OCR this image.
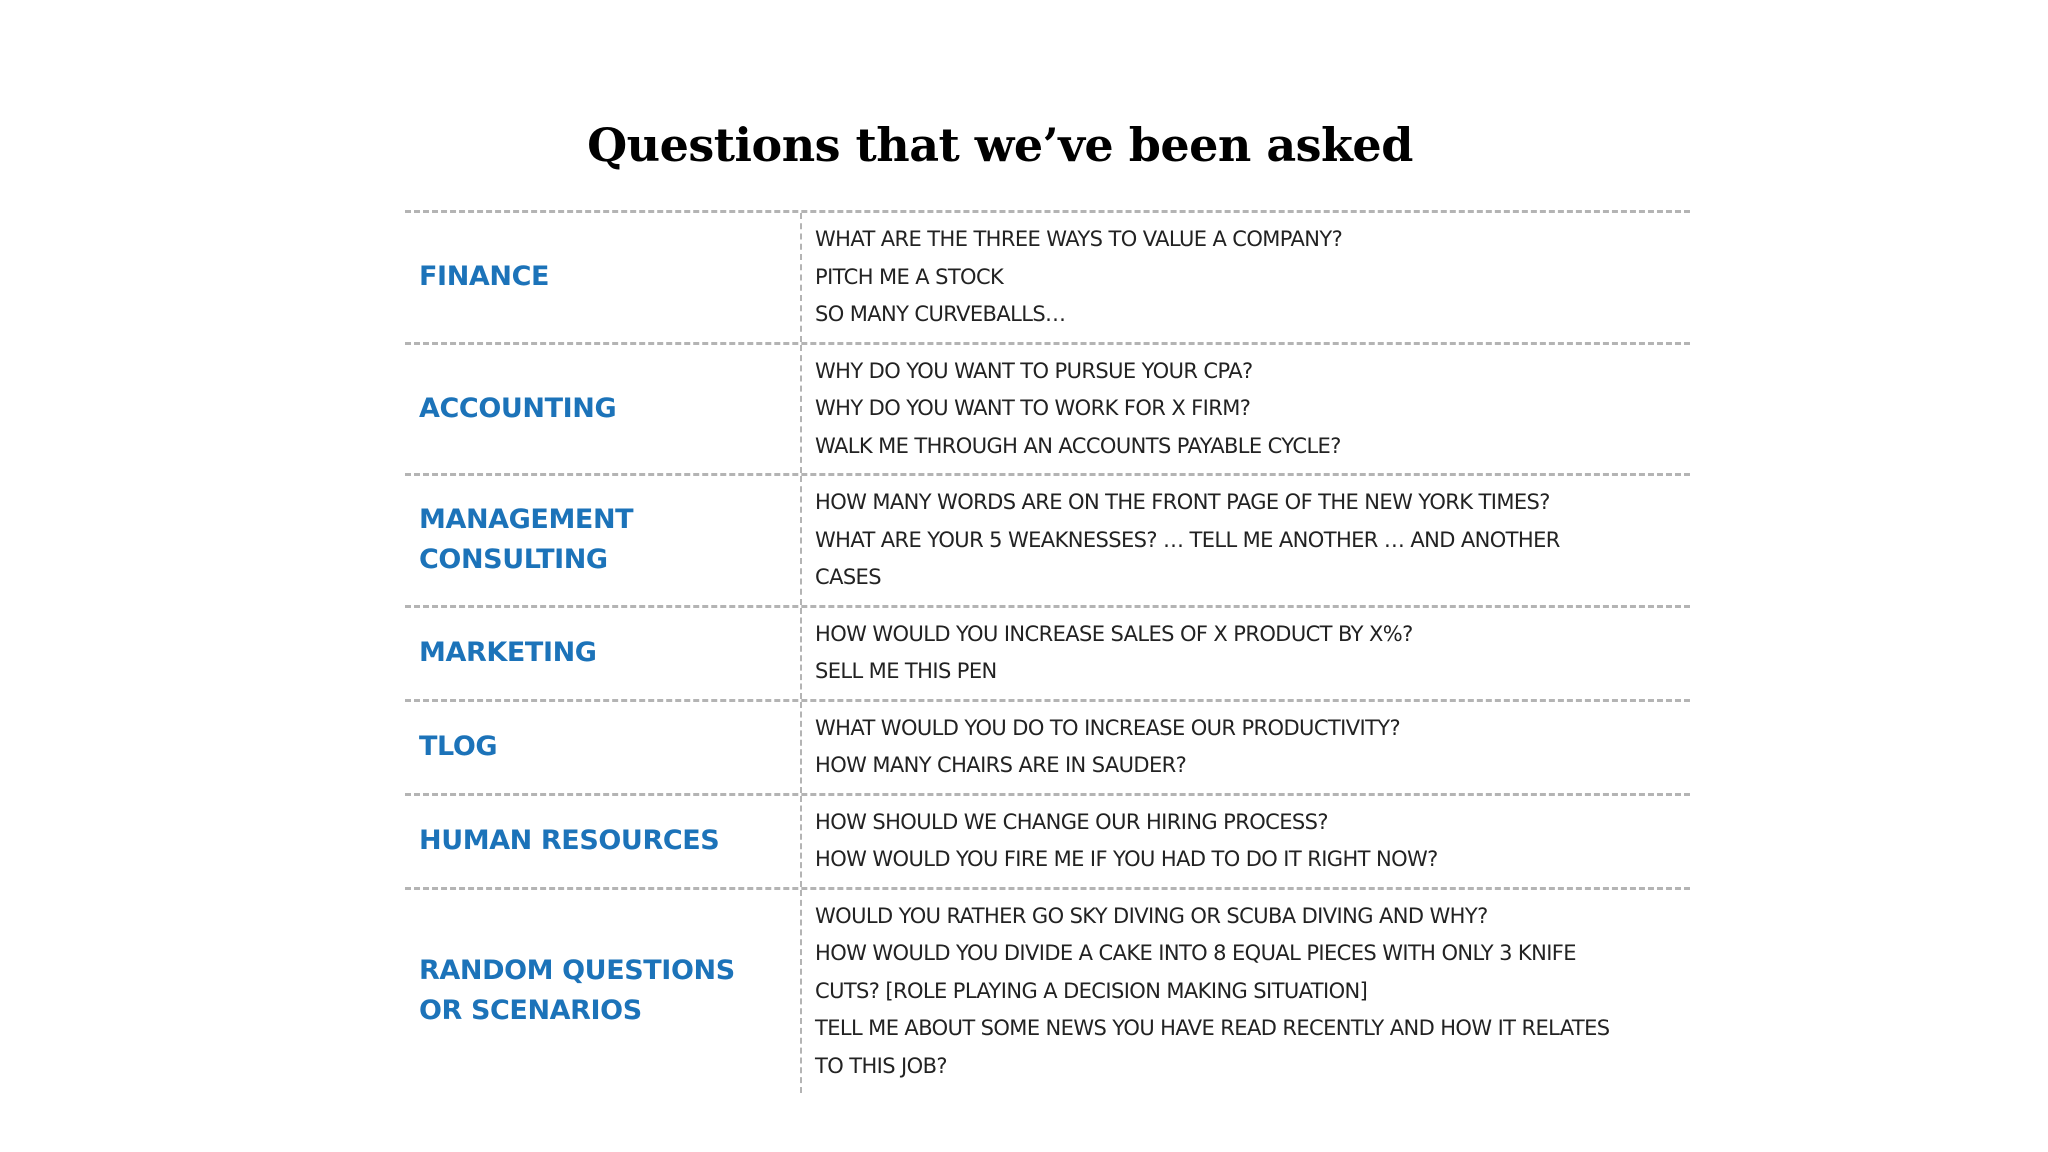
Questions that we’ve been asked
FINANCE
WHAT ARE THE THREE WAYS TO VALUE A COMPANY?
PITCH ME A STOCK
SO MANY CURVEBALLS…
ACCOUNTING
WHY DO YOU WANT TO PURSUE YOUR CPA?
WHY DO YOU WANT TO WORK FOR X FIRM?
WALK ME THROUGH AN ACCOUNTS PAYABLE CYCLE?
MANAGEMENT CONSULTING
HOW MANY WORDS ARE ON THE FRONT PAGE OF THE NEW YORK TIMES?
WHAT ARE YOUR 5 WEAKNESSES? … TELL ME ANOTHER … AND ANOTHER
CASES
MARKETING
HOW WOULD YOU INCREASE SALES OF X PRODUCT BY X%?
SELL ME THIS PEN
TLOG
WHAT WOULD YOU DO TO INCREASE OUR PRODUCTIVITY?
HOW MANY CHAIRS ARE IN SAUDER?
HUMAN RESOURCES
HOW SHOULD WE CHANGE OUR HIRING PROCESS?
HOW WOULD YOU FIRE ME IF YOU HAD TO DO IT RIGHT NOW?
RANDOM QUESTIONS OR SCENARIOS
WOULD YOU RATHER GO SKY DIVING OR SCUBA DIVING AND WHY?
HOW WOULD YOU DIVIDE A CAKE INTO 8 EQUAL PIECES WITH ONLY 3 KNIFE
CUTS? [ROLE PLAYING A DECISION MAKING SITUATION]
TELL ME ABOUT SOME NEWS YOU HAVE READ RECENTLY AND HOW IT RELATES
TO THIS JOB?
